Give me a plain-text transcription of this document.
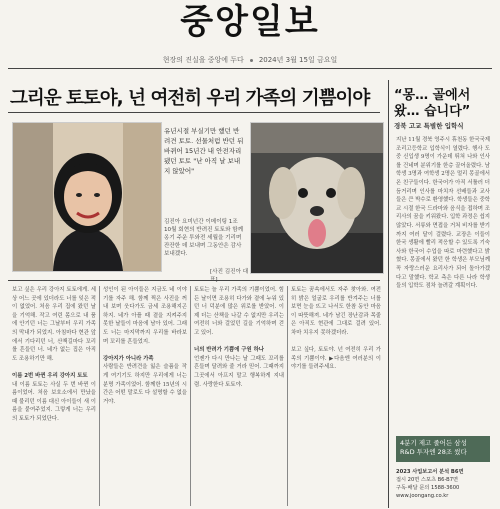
중앙일보
현장의 진실을 중앙에 두다 2024년 3월 15일 금요일
그리운 토토야, 넌 여전히 우리 가족의 기쁨이야
유년시절 부실기만 했던 반려견 토토. 선물처럼 반던 뒤 바뀌어 15년간 내 안전자리 됐던 토토 "난 아직 날 보내지 않았어"
김진아 요미넌간 이메이팅 1조10월 회현의 반려진 토토와 함께 옹기 주운 투와전 세월을 기리며 잔잔한 데 보내며 그동안은 감사 보내겠다.
[사진 김진아 대
보고 싶은 우리 강아지 토토에게. 세상 어느 곳에 있더라도 너를 잊은 적이 없었어. 처음 우리 집에 왔던 날을 기억해. 작고 여린 몸으로 내 품에 안기던 너는 그날부터 우리 가족의 막내가 되었지. 아침마다 현관 앞에서 기다리던 너, 산책길마다 꼬리를 흔들던 너. 네가 없는 집은 아직도 조용하기만 해.

이름 2번 바뀐 우리 강아지 토토
내 이름 토토는 사실 두 번 바뀐 이름이었어. 처음 보호소에서 만났을 때 불리던 이름 대신 아이들이 새 이름을 붙여주었지. 그렇게 너는 우리의 토토가 되었단다.
성인이 된 아이들은 지금도 네 이야기를 자주 해. 함께 찍은 사진을 꺼내 보며 웃다가도 금세 조용해지곤 하지. 네가 아플 때 곁을 지켜주지 못한 날들이 마음에 남아 있어. 그래도 너는 마지막까지 우리를 바라보며 꼬리를 흔들었지.

강아지가 아니라 가족
사람들은 반려견을 잃은 슬픔을 작게 여기기도 하지만 우리에게 너는 분명 가족이었어. 함께한 15년의 시간은 어떤 말로도 다 설명할 수 없을 거야.
토토는 늘 우리 가족의 기쁨이었어. 힘든 날이면 조용히 다가와 곁에 누워 있던 너 덕분에 많은 위로를 받았어. 이제 더는 산책을 나갈 수 없지만 우리는 여전히 너와 걸었던 길을 기억하며 걷고 있어.

너의 반려가 기쁨에 구원 하나
언젠가 다시 만나는 날 그때도 꼬리를 흔들며 달려와 줄 거라 믿어. 그때까지 그곳에서 아프지 말고 행복하게 지내렴. 사랑한다 토토야.
토토는 꿈속에서도 자주 찾아와. 여전히 밝은 얼굴로 우리를 반겨주는 너를 보면 눈을 뜨고 나서도 한참 동안 마음이 따뜻해져. 네가 남긴 장난감과 목줄은 아직도 현관에 그대로 걸려 있어. 차마 치우지 못하겠더라.

보고 싶다, 토토야. 넌 여전히 우리 가족의 기쁨이야. ▶다음엔 여러분의 이야기를 들려주세요.
“몽… 골에서 왔… 습니다”
경북 고교 특별한 입학식
지난 11월 경북 영주시 휴천동 한국국제조리고등학교 입학식이 열렸다. 행사 도중 신입생 9명이 가운데 뛰쳐 나와 인사를 건네며 분위기를 한층 끌어올렸다. 남학생 3명과 여학생 2명은 멀리 몽골에서 온 친구들이다. 한국어가 아직 서툴러 더듬거리며 인사를 마치자 선배들과 교사들은 큰 박수로 환영했다. 학생들은 중학교 시절 한국 드라마와 음식을 접하며 조리사의 꿈을 키워왔다. 입학 과정은 쉽지 않았다. 서류와 면접을 거쳐 비자를 받기까지 여러 달이 걸렸다. 교장은 이들이 한국 생활에 빨리 적응할 수 있도록 기숙사와 한국어 수업을 따로 마련했다고 밝혔다. 몽골에서 왔던 한 학생은 부모님께 꼭 자랑스러운 요리사가 되어 돌아가겠다고 말했다. 학교 측은 다른 나라 학생들의 입학도 점차 늘려갈 계획이다.
4분기 제고 줄어든 삼성
R&D 투자엔 28조 썼다
2023 사업보고서 분석 B6면
접시 20면 스포츠 B6-B7면
구독·배달 문의 1588-3600
www.joongang.co.kr
